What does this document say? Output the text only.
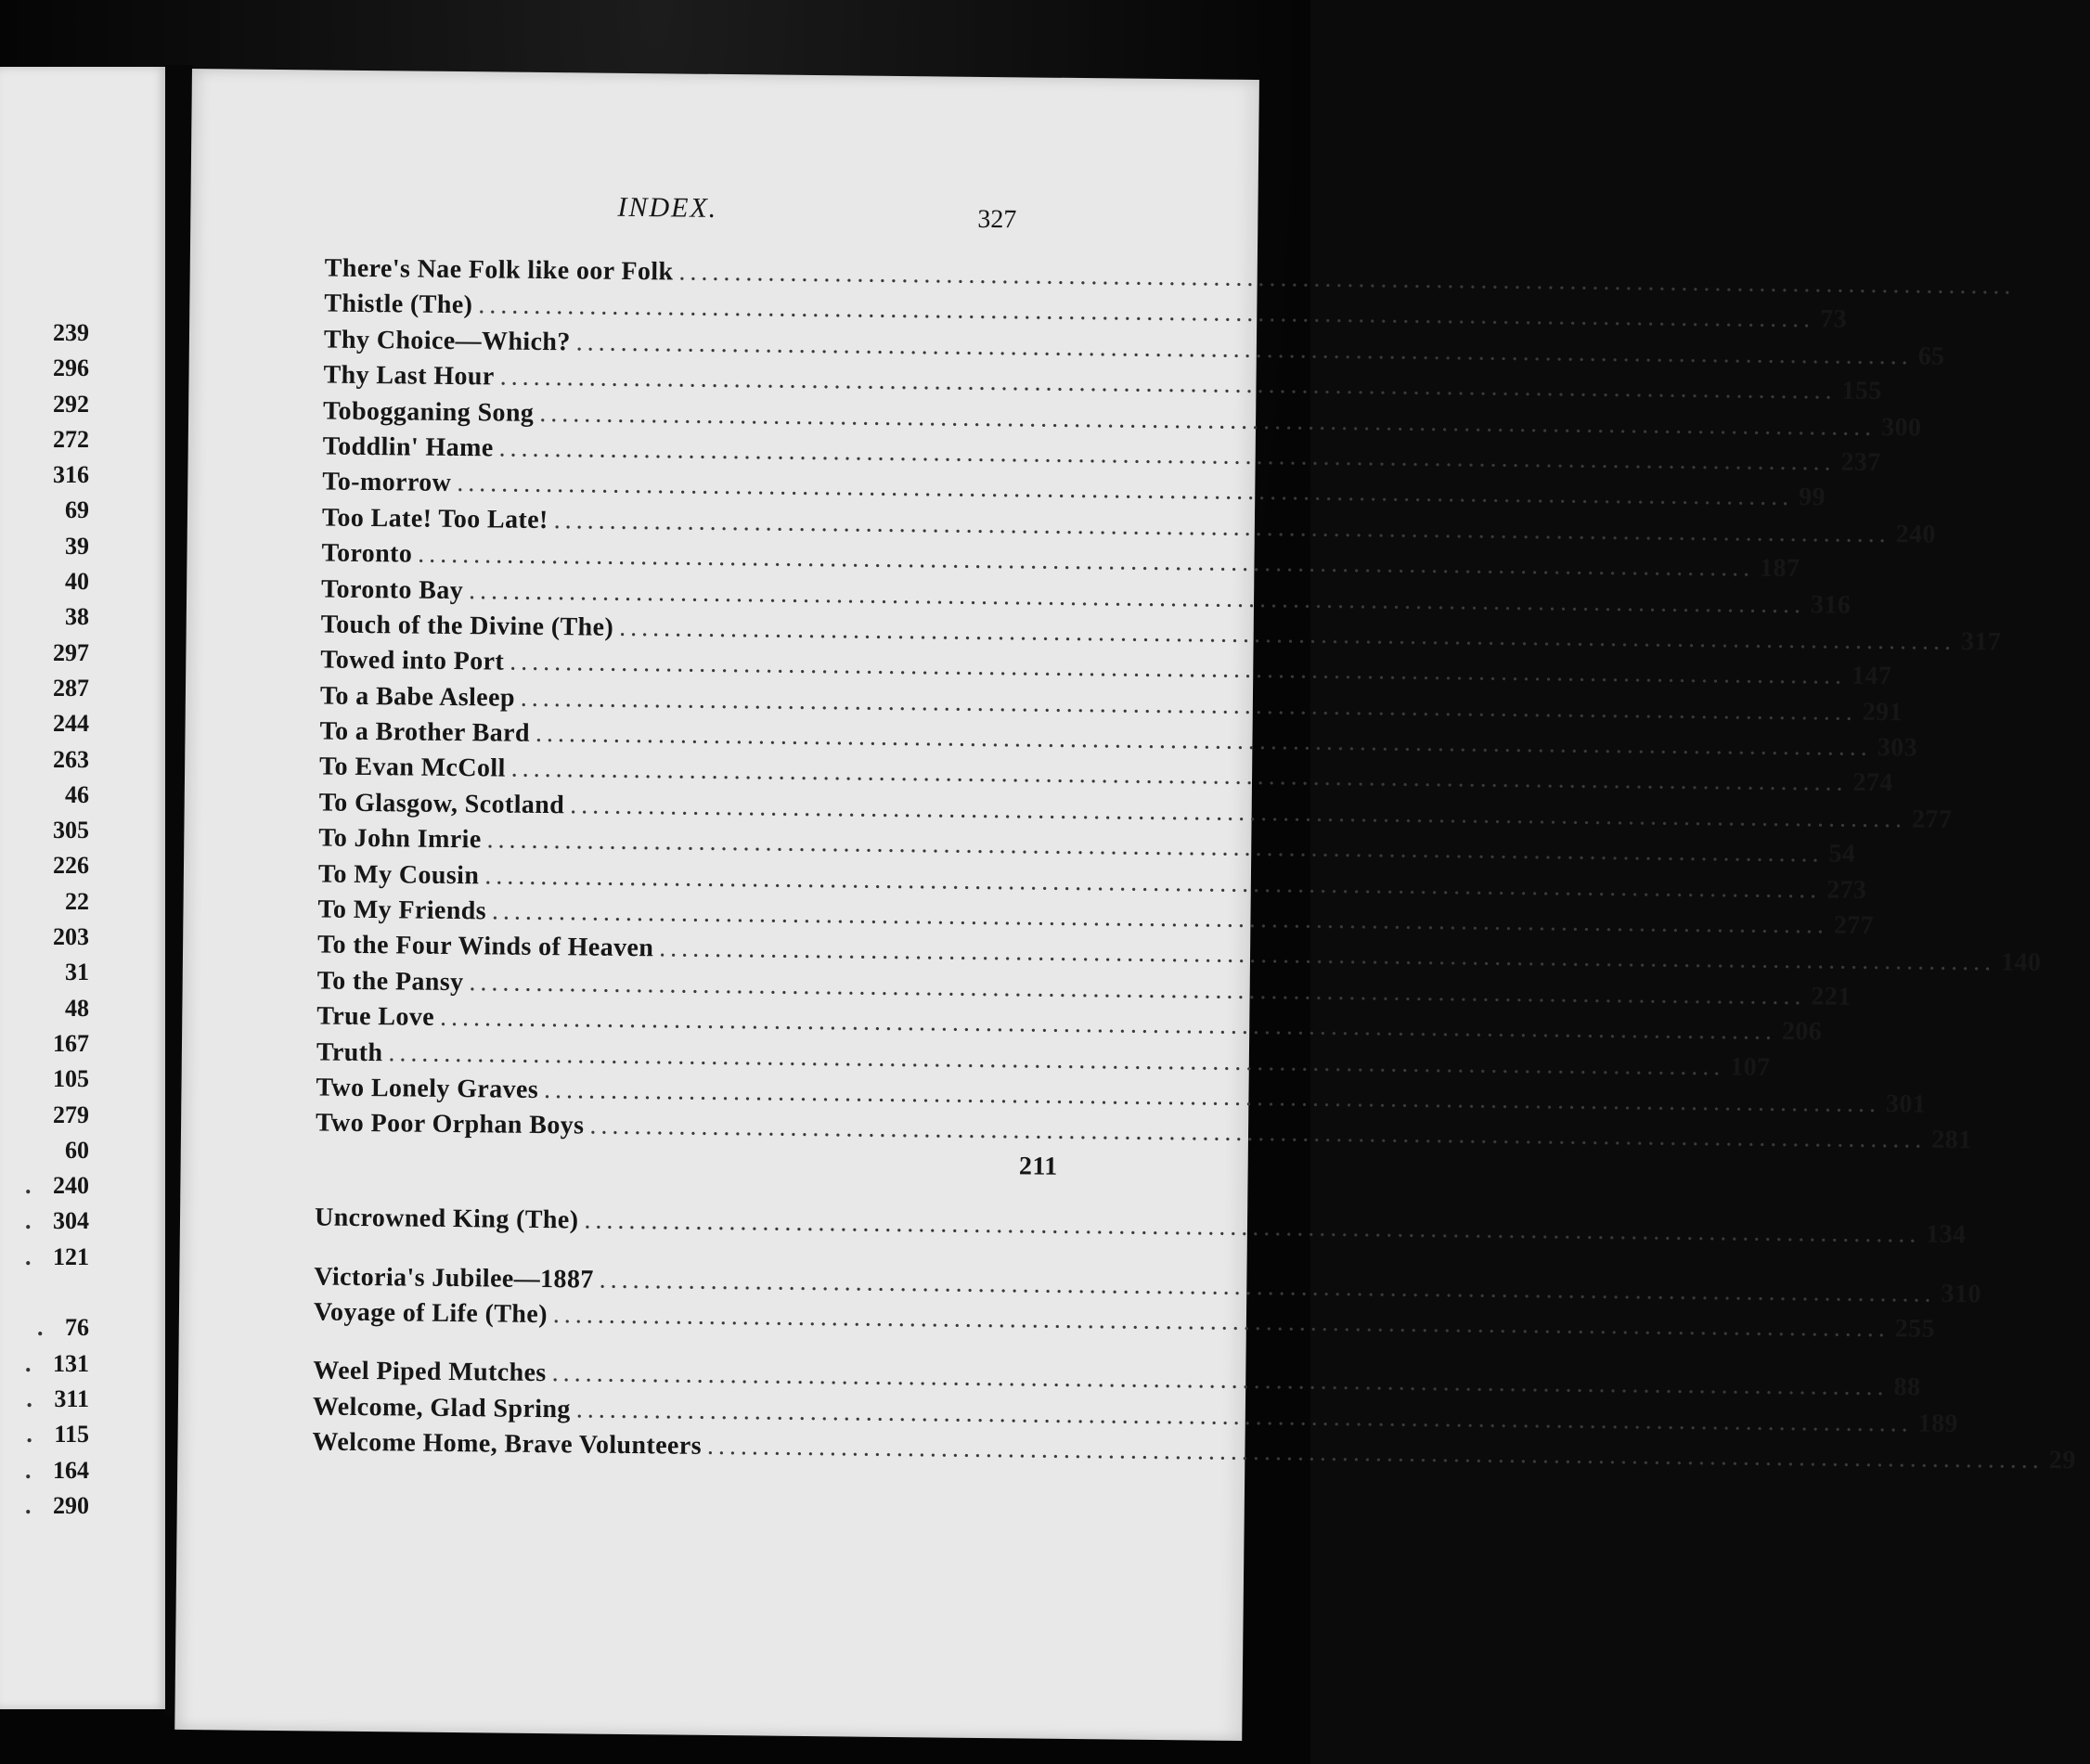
239
296
292
272
316
69
39
40
38
297
287
244
263
46
305
226
22
203
31
48
167
105
279
60
. 240
. 304
. 121
. 76
. 131
. 311
. 115
. 164
. 290
INDEX.	327
There's Nae Folk like oor Folk ........................................................................................................................
Thistle (The) ........................................................................................................................ 73
Thy Choice—Which? ........................................................................................................................ 65
Thy Last Hour ........................................................................................................................ 155
Tobogganing Song ........................................................................................................................ 300
Toddlin' Hame ........................................................................................................................ 237
To-morrow ........................................................................................................................ 99
Too Late! Too Late! ........................................................................................................................ 240
Toronto ........................................................................................................................ 187
Toronto Bay ........................................................................................................................ 316
Touch of the Divine (The) ........................................................................................................................ 317
Towed into Port ........................................................................................................................ 147
To a Babe Asleep ........................................................................................................................ 291
To a Brother Bard ........................................................................................................................ 303
To Evan McColl ........................................................................................................................ 274
To Glasgow, Scotland ........................................................................................................................ 277
To John Imrie ........................................................................................................................ 54
To My Cousin ........................................................................................................................ 273
To My Friends ........................................................................................................................ 277
To the Four Winds of Heaven ........................................................................................................................ 140
To the Pansy ........................................................................................................................ 221
True Love ........................................................................................................................ 206
Truth ........................................................................................................................ 107
Two Lonely Graves ........................................................................................................................ 301
Two Poor Orphan Boys ........................................................................................................................ 281
211
Uncrowned King (The) ........................................................................................................................ 134
Victoria's Jubilee—1887 ........................................................................................................................ 310
Voyage of Life (The) ........................................................................................................................ 255
Weel Piped Mutches ........................................................................................................................ 88
Welcome, Glad Spring ........................................................................................................................ 189
Welcome Home, Brave Volunteers ........................................................................................................................ 29
